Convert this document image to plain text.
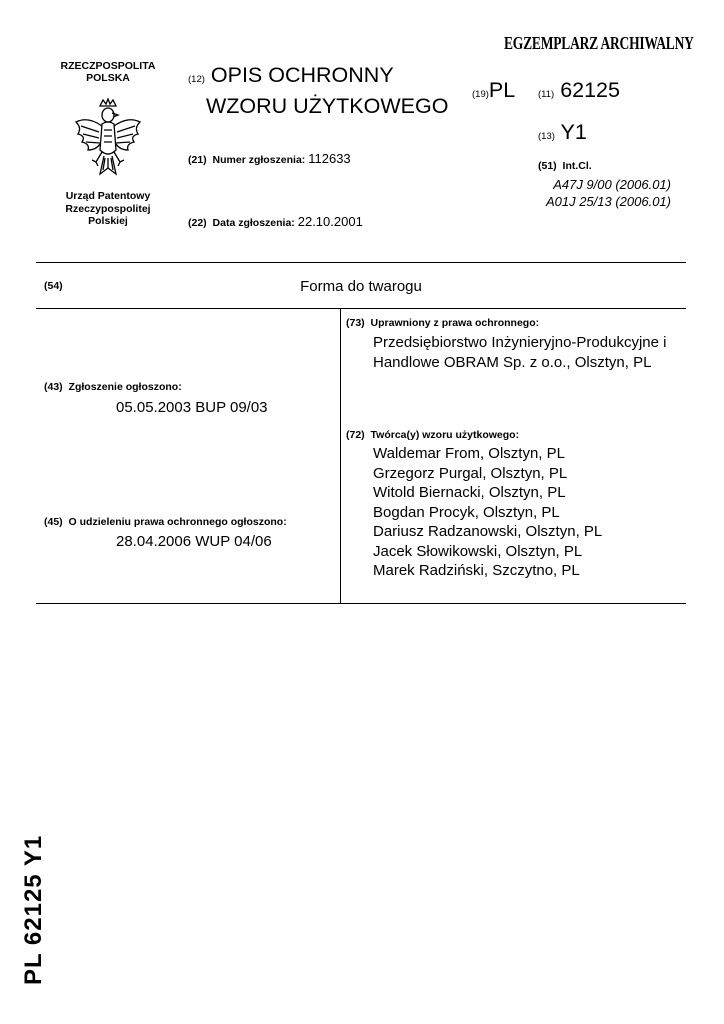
EGZEMPLARZ ARCHIWALNY
RZECZPOSPOLITA
POLSKA
Urząd Patentowy
Rzeczypospolitej
Polskiej
(12) OPIS OCHRONNY
WZORU UŻYTKOWEGO (19)PL (11) 62125
(13) Y1
(21) Numer zgłoszenia: 112633
(22) Data zgłoszenia: 22.10.2001
(51) Int.Cl.
A47J 9/00 (2006.01)
A01J 25/13 (2006.01)
(54)	Forma do twarogu
(73) Uprawniony z prawa ochronnego:
Przedsiębiorstwo Inżynieryjno-Produkcyjne i
Handlowe OBRAM Sp. z o.o., Olsztyn, PL
(43) Zgłoszenie ogłoszono:
05.05.2003 BUP 09/03
(72) Twórca(y) wzoru użytkowego:
Waldemar From, Olsztyn, PL
Grzegorz Purgal, Olsztyn, PL
Witold Biernacki, Olsztyn, PL
Bogdan Procyk, Olsztyn, PL
Dariusz Radzanowski, Olsztyn, PL
Jacek Słowikowski, Olsztyn, PL
Marek Radziński, Szczytno, PL
(45) O udzieleniu prawa ochronnego ogłoszono:
28.04.2006 WUP 04/06
PL 62125 Y1
